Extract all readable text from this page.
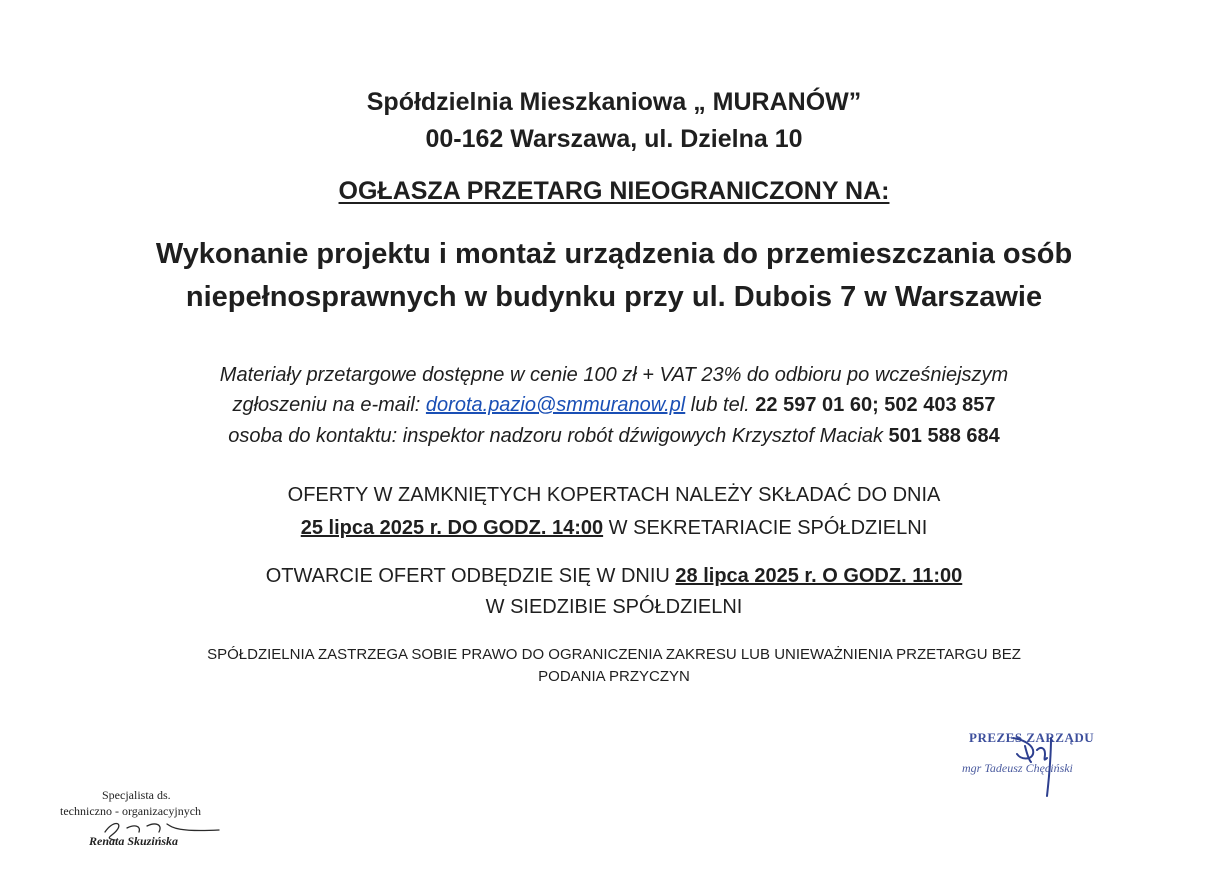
Spółdzielnia Mieszkaniowa „ MURANÓW”
00-162 Warszawa, ul. Dzielna 10
OGŁASZA PRZETARG NIEOGRANICZONY NA:
Wykonanie projektu i montaż urządzenia do przemieszczania osób
niepełnosprawnych w budynku przy ul. Dubois 7 w Warszawie
Materiały przetargowe dostępne w cenie 100 zł + VAT 23% do odbioru po wcześniejszym
zgłoszeniu na e-mail: dorota.pazio@smmuranow.pl lub tel. 22 597 01 60; 502 403 857
osoba do kontaktu: inspektor nadzoru robót dźwigowych Krzysztof Maciak 501 588 684
OFERTY W ZAMKNIĘTYCH KOPERTACH NALEŻY SKŁADAĆ DO DNIA
25 lipca 2025 r. DO GODZ. 14:00 W SEKRETARIACIE SPÓŁDZIELNI
OTWARCIE OFERT ODBĘDZIE SIĘ W DNIU 28 lipca 2025 r. O GODZ. 11:00
W SIEDZIBIE SPÓŁDZIELNI
SPÓŁDZIELNIA ZASTRZEGA SOBIE PRAWO DO OGRANICZENIA ZAKRESU LUB UNIEWAŻNIENIA PRZETARGU BEZ
PODANIA PRZYCZYN
PREZES ZARZĄDU
mgr Tadeusz Chęciński
Specjalista ds.
techniczno - organizacyjnych
Renata Skuzińska
